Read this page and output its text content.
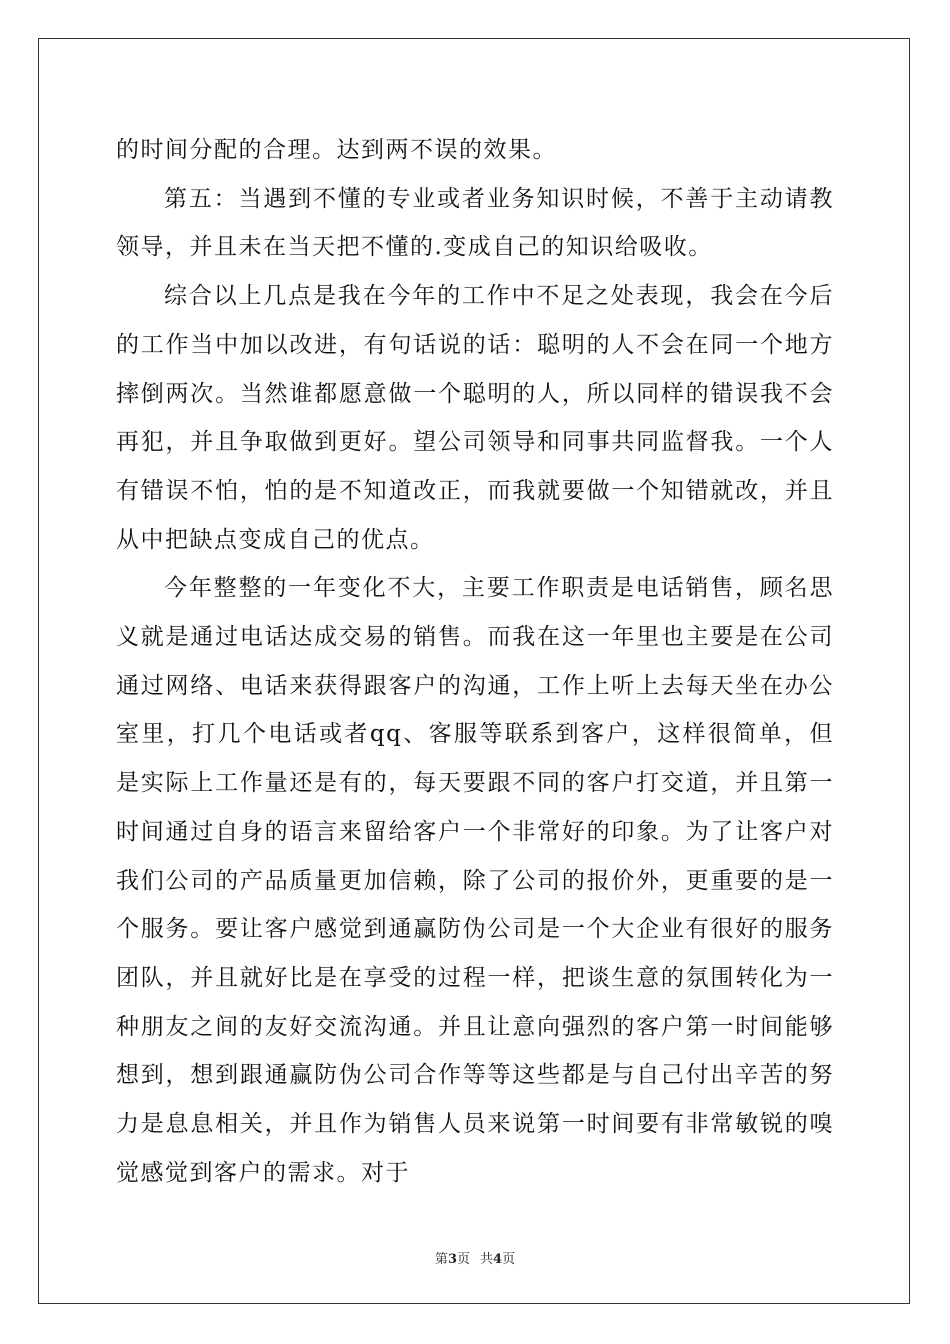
的时间分配的合理。达到两不误的效果。

第五：当遇到不懂的专业或者业务知识时候，不善于主动请教领导，并且未在当天把不懂的.变成自己的知识给吸收。

综合以上几点是我在今年的工作中不足之处表现，我会在今后的工作当中加以改进，有句话说的话：聪明的人不会在同一个地方摔倒两次。当然谁都愿意做一个聪明的人，所以同样的错误我不会再犯，并且争取做到更好。望公司领导和同事共同监督我。一个人有错误不怕，怕的是不知道改正，而我就要做一个知错就改，并且从中把缺点变成自己的优点。

今年整整的一年变化不大，主要工作职责是电话销售，顾名思义就是通过电话达成交易的销售。而我在这一年里也主要是在公司通过网络、电话来获得跟客户的沟通，工作上听上去每天坐在办公室里，打几个电话或者qq、客服等联系到客户，这样很简单，但是实际上工作量还是有的，每天要跟不同的客户打交道，并且第一时间通过自身的语言来留给客户一个非常好的印象。为了让客户对我们公司的产品质量更加信赖，除了公司的报价外，更重要的是一个服务。要让客户感觉到通赢防伪公司是一个大企业有很好的服务团队，并且就好比是在享受的过程一样，把谈生意的氛围转化为一种朋友之间的友好交流沟通。并且让意向强烈的客户第一时间能够想到，想到跟通赢防伪公司合作等等这些都是与自己付出辛苦的努力是息息相关，并且作为销售人员来说第一时间要有非常敏锐的嗅觉感觉到客户的需求。对于

第3页 共4页
